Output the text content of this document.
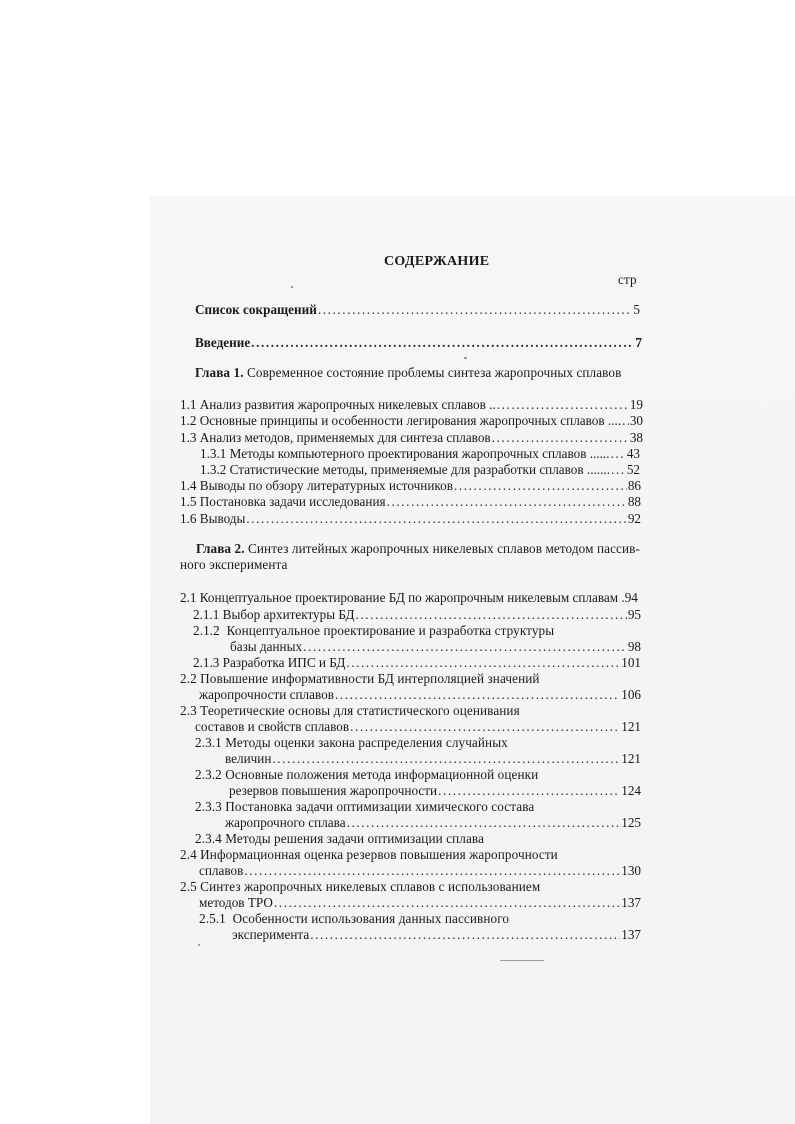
СОДЕРЖАНИЕ
стр
Список сокращений .....	5
Введение .....	7
Глава 1. Современное состояние проблемы синтеза жаропрочных сплавов
1.1 Анализ развития жаропрочных никелевых сплавов .. .....	19
1.2 Основные принципы и особенности легирования жаропрочных сплавов .... ..... 30
1.3 Анализ методов, применяемых для синтеза сплавов .....	38
1.3.1 Методы компьютерного проектирования жаропрочных сплавов ...... ..... 43
1.3.2 Статистические методы, применяемые для разработки сплавов ....... ..... 52
1.4 Выводы по обзору литературных источников .....	86
1.5 Постановка задачи исследования .....	88
1.6 Выводы .....	92
Глава 2. Синтез литейных жаропрочных никелевых сплавов методом пассив-
ного эксперимента
2.1 Концептуальное проектирование БД по жаропрочным никелевым сплавам . 94
2.1.1 Выбор архитектуры БД .....	95
2.1.2  Концептуальное проектирование и разработка структуры
базы данных .....	98
2.1.3 Разработка ИПС и БД .....	101
2.2 Повышение информативности БД интерполяцией значений
жаропрочности сплавов .....	106
2.3 Теоретические основы для статистического оценивания
составов и свойств сплавов .....	121
2.3.1 Методы оценки закона распределения случайных
величин .....	121
2.3.2 Основные положения метода информационной оценки
резервов повышения жаропрочности .....	124
2.3.3 Постановка задачи оптимизации химического состава
жаропрочного сплава .....	125
2.3.4 Методы решения задачи оптимизации сплава
2.4 Информационная оценка резервов повышения жаропрочности
сплавов .....	130
2.5 Синтез жаропрочных никелевых сплавов с использованием
методов ТРО .....	137
2.5.1  Особенности использования данных пассивного
эксперимента .....	137
